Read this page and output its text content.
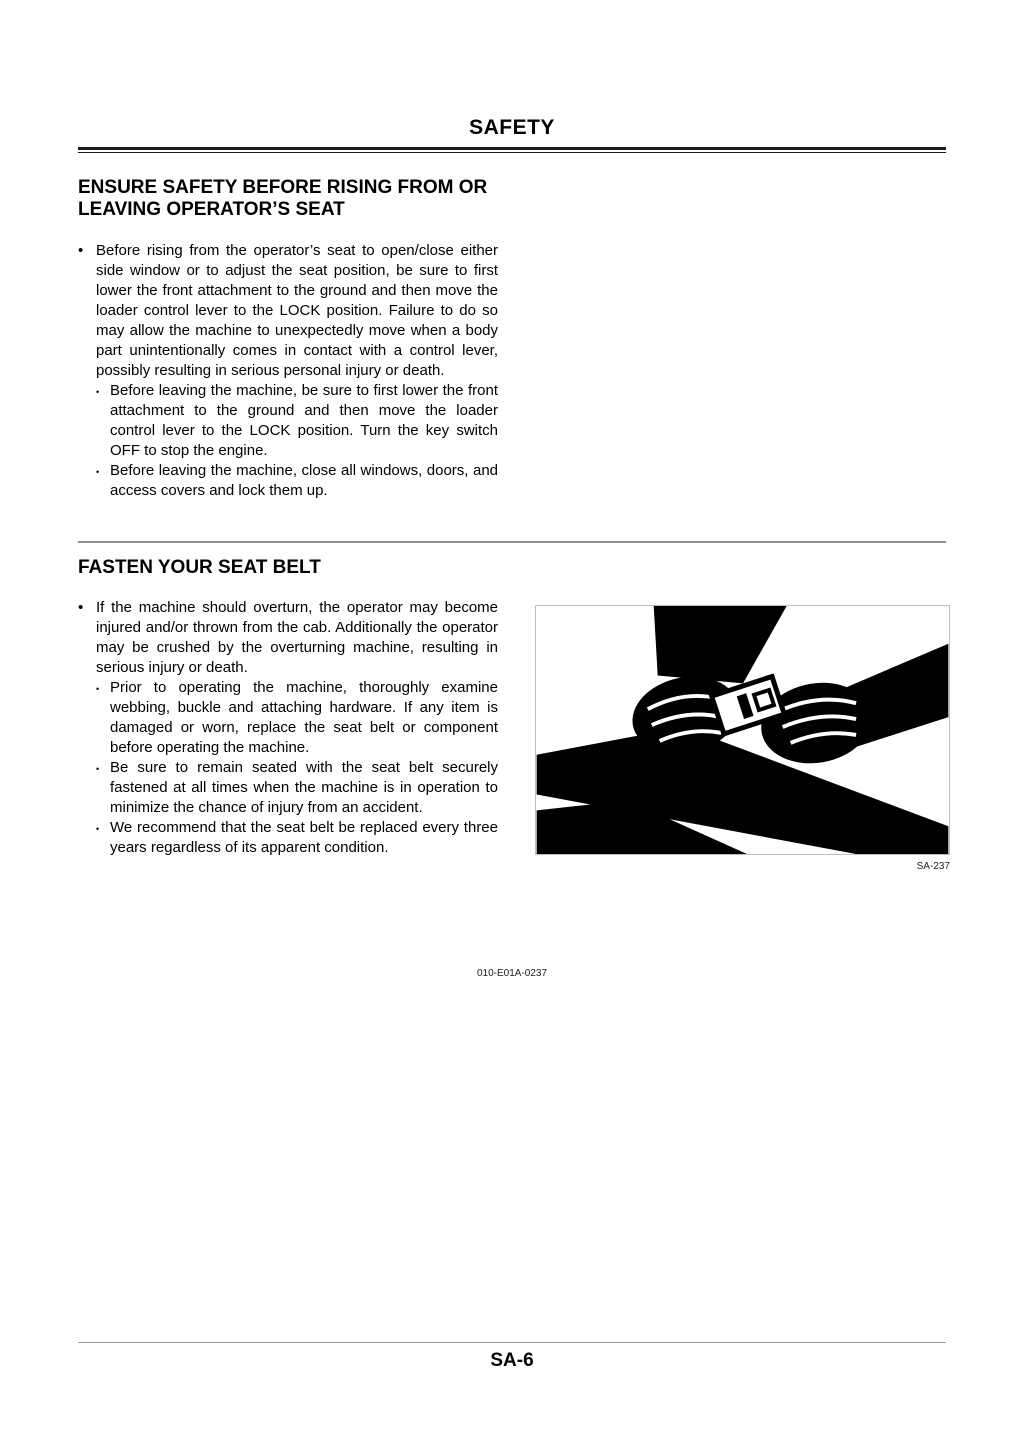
SAFETY
ENSURE SAFETY BEFORE RISING FROM OR LEAVING OPERATOR’S SEAT
• Before rising from the operator’s seat to open/close either side window or to adjust the seat position, be sure to first lower the front attachment to the ground and then move the loader control lever to the LOCK position. Failure to do so may allow the machine to unexpectedly move when a body part unintentionally comes in contact with a control lever, possibly resulting in serious personal injury or death.
• Before leaving the machine, be sure to first lower the front attachment to the ground and then move the loader control lever to the LOCK position. Turn the key switch OFF to stop the engine.
• Before leaving the machine, close all windows, doors, and access covers and lock them up.
FASTEN YOUR SEAT BELT
• If the machine should overturn, the operator may become injured and/or thrown from the cab. Additionally the operator may be crushed by the overturning machine, resulting in serious injury or death.
• Prior to operating the machine, thoroughly examine webbing, buckle and attaching hardware. If any item is damaged or worn, replace the seat belt or component before operating the machine.
• Be sure to remain seated with the seat belt securely fastened at all times when the machine is in operation to minimize the chance of injury from an accident.
• We recommend that the seat belt be replaced every three years regardless of its apparent condition.
SA-237
010-E01A-0237
SA-6
